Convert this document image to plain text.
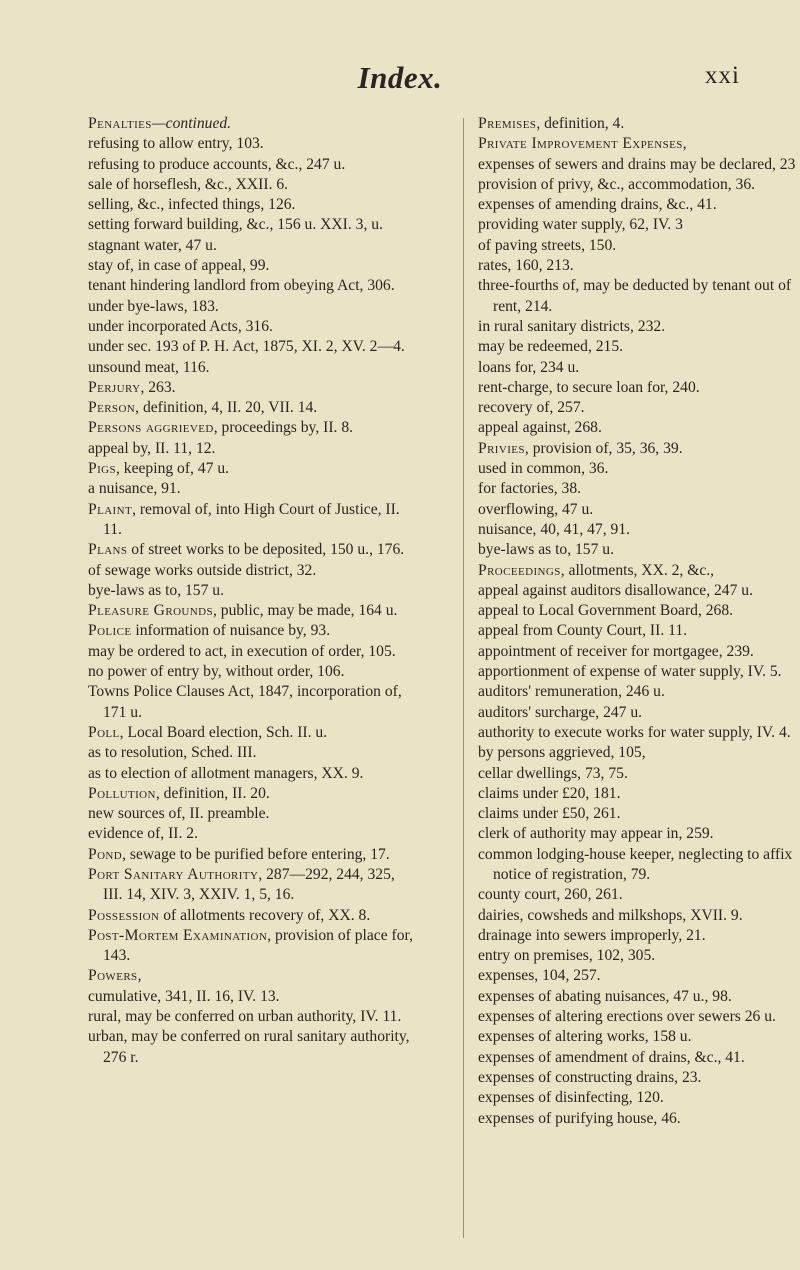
Index.	xxi
Penalties—continued.
refusing to allow entry, 103.
refusing to produce accounts, &c., 247 u.
sale of horseflesh, &c., XXII. 6.
selling, &c., infected things, 126.
setting forward building, &c., 156 u. XXI. 3, u.
stagnant water, 47 u.
stay of, in case of appeal, 99.
tenant hindering landlord from obeying Act, 306.
under bye-laws, 183.
under incorporated Acts, 316.
under sec. 193 of P. H. Act, 1875, XI. 2, XV. 2—4.
unsound meat, 116.
Perjury, 263.
Person, definition, 4, II. 20, VII. 14.
Persons aggrieved, proceedings by, II. 8.
appeal by, II. 11, 12.
Pigs, keeping of, 47 u.
a nuisance, 91.
Plaint, removal of, into High Court of Justice, II. 11.
Plans of street works to be deposited, 150 u., 176.
of sewage works outside district, 32.
bye-laws as to, 157 u.
Pleasure Grounds, public, may be made, 164 u.
Police information of nuisance by, 93.
may be ordered to act, in execution of order, 105.
no power of entry by, without order, 106.
Towns Police Clauses Act, 1847, incorporation of, 171 u.
Poll, Local Board election, Sch. II. u.
as to resolution, Sched. III.
as to election of allotment managers, XX. 9.
Pollution, definition, II. 20.
new sources of, II. preamble.
evidence of, II. 2.
Pond, sewage to be purified before entering, 17.
Port Sanitary Authority, 287—292, 244, 325, III. 14, XIV. 3, XXIV. 1, 5, 16.
Possession of allotments recovery of, XX. 8.
Post-Mortem Examination, provision of place for, 143.
Powers,
cumulative, 341, II. 16, IV. 13.
rural, may be conferred on urban authority, IV. 11.
urban, may be conferred on rural sanitary authority, 276 r.
Premises, definition, 4.
Private Improvement Expenses,
expenses of sewers and drains may be declared, 23
provision of privy, &c., accommodation, 36.
expenses of amending drains, &c., 41.
providing water supply, 62, IV. 3
of paving streets, 150.
rates, 160, 213.
three-fourths of, may be deducted by tenant out of rent, 214.
in rural sanitary districts, 232.
may be redeemed, 215.
loans for, 234 u.
rent-charge, to secure loan for, 240.
recovery of, 257.
appeal against, 268.
Privies, provision of, 35, 36, 39.
used in common, 36.
for factories, 38.
overflowing, 47 u.
nuisance, 40, 41, 47, 91.
bye-laws as to, 157 u.
Proceedings, allotments, XX. 2, &c.,
appeal against auditors disallowance, 247 u.
appeal to Local Government Board, 268.
appeal from County Court, II. 11.
appointment of receiver for mortgagee, 239.
apportionment of expense of water supply, IV. 5.
auditors' remuneration, 246 u.
auditors' surcharge, 247 u.
authority to execute works for water supply, IV. 4.
by persons aggrieved, 105,
cellar dwellings, 73, 75.
claims under £20, 181.
claims under £50, 261.
clerk of authority may appear in, 259.
common lodging-house keeper, neglecting to affix notice of registration, 79.
county court, 260, 261.
dairies, cowsheds and milkshops, XVII. 9.
drainage into sewers improperly, 21.
entry on premises, 102, 305.
expenses, 104, 257.
expenses of abating nuisances, 47 u., 98.
expenses of altering erections over sewers 26 u.
expenses of altering works, 158 u.
expenses of amendment of drains, &c., 41.
expenses of constructing drains, 23.
expenses of disinfecting, 120.
expenses of purifying house, 46.
